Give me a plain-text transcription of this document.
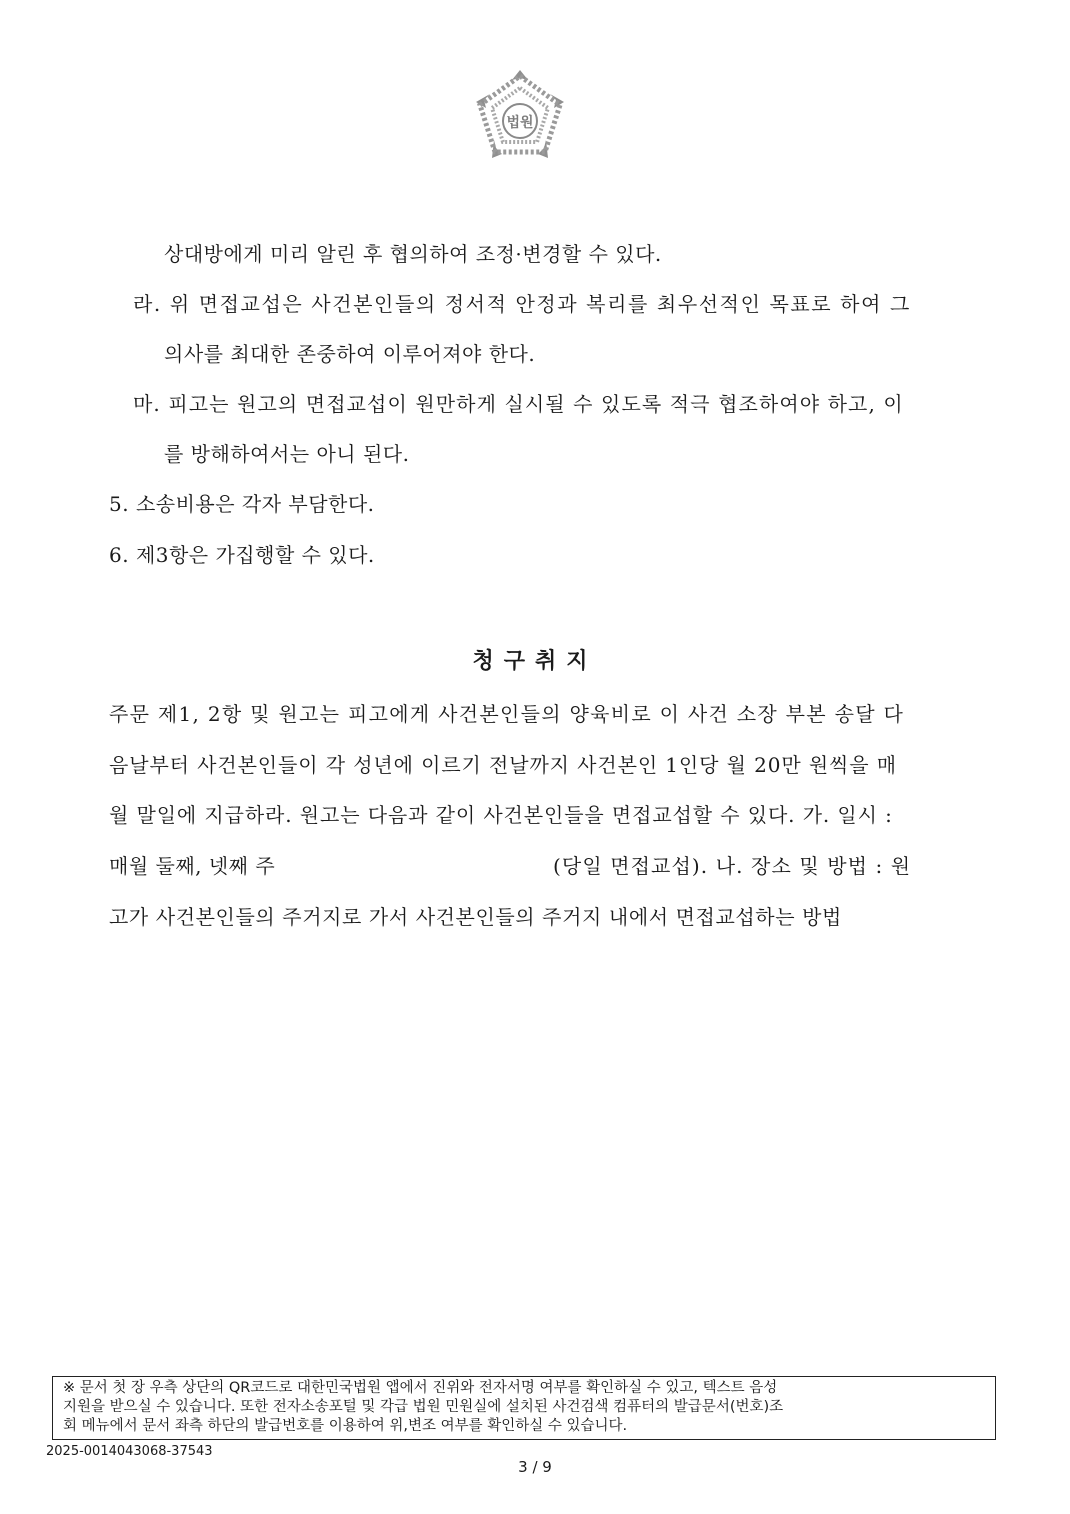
법원
상대방에게 미리 알린 후 협의하여 조정·변경할 수 있다.
라. 위 면접교섭은 사건본인들의 정서적 안정과 복리를 최우선적인 목표로 하여 그
의사를 최대한 존중하여 이루어져야 한다.
마. 피고는 원고의 면접교섭이 원만하게 실시될 수 있도록 적극 협조하여야 하고, 이
를 방해하여서는 아니 된다.
5. 소송비용은 각자 부담한다.
6. 제3항은 가집행할 수 있다.
청구취지
주문 제1, 2항 및 원고는 피고에게 사건본인들의 양육비로 이 사건 소장 부본 송달 다
음날부터 사건본인들이 각 성년에 이르기 전날까지 사건본인 1인당 월 20만 원씩을 매
월 말일에 지급하라. 원고는 다음과 같이 사건본인들을 면접교섭할 수 있다. 가. 일시 :
매월 둘째, 넷째 주	(당일 면접교섭). 나. 장소 및 방법 : 원
고가 사건본인들의 주거지로 가서 사건본인들의 주거지 내에서 면접교섭하는 방법
※ 문서 첫 장 우측 상단의 QR코드로 대한민국법원 앱에서 진위와 전자서명 여부를 확인하실 수 있고, 텍스트 음성
지원을 받으실 수 있습니다. 또한 전자소송포털 및 각급 법원 민원실에 설치된 사건검색 컴퓨터의 발급문서(번호)조
회 메뉴에서 문서 좌측 하단의 발급번호를 이용하여 위,변조 여부를 확인하실 수 있습니다.
2025-0014043068-37543
3 / 9
